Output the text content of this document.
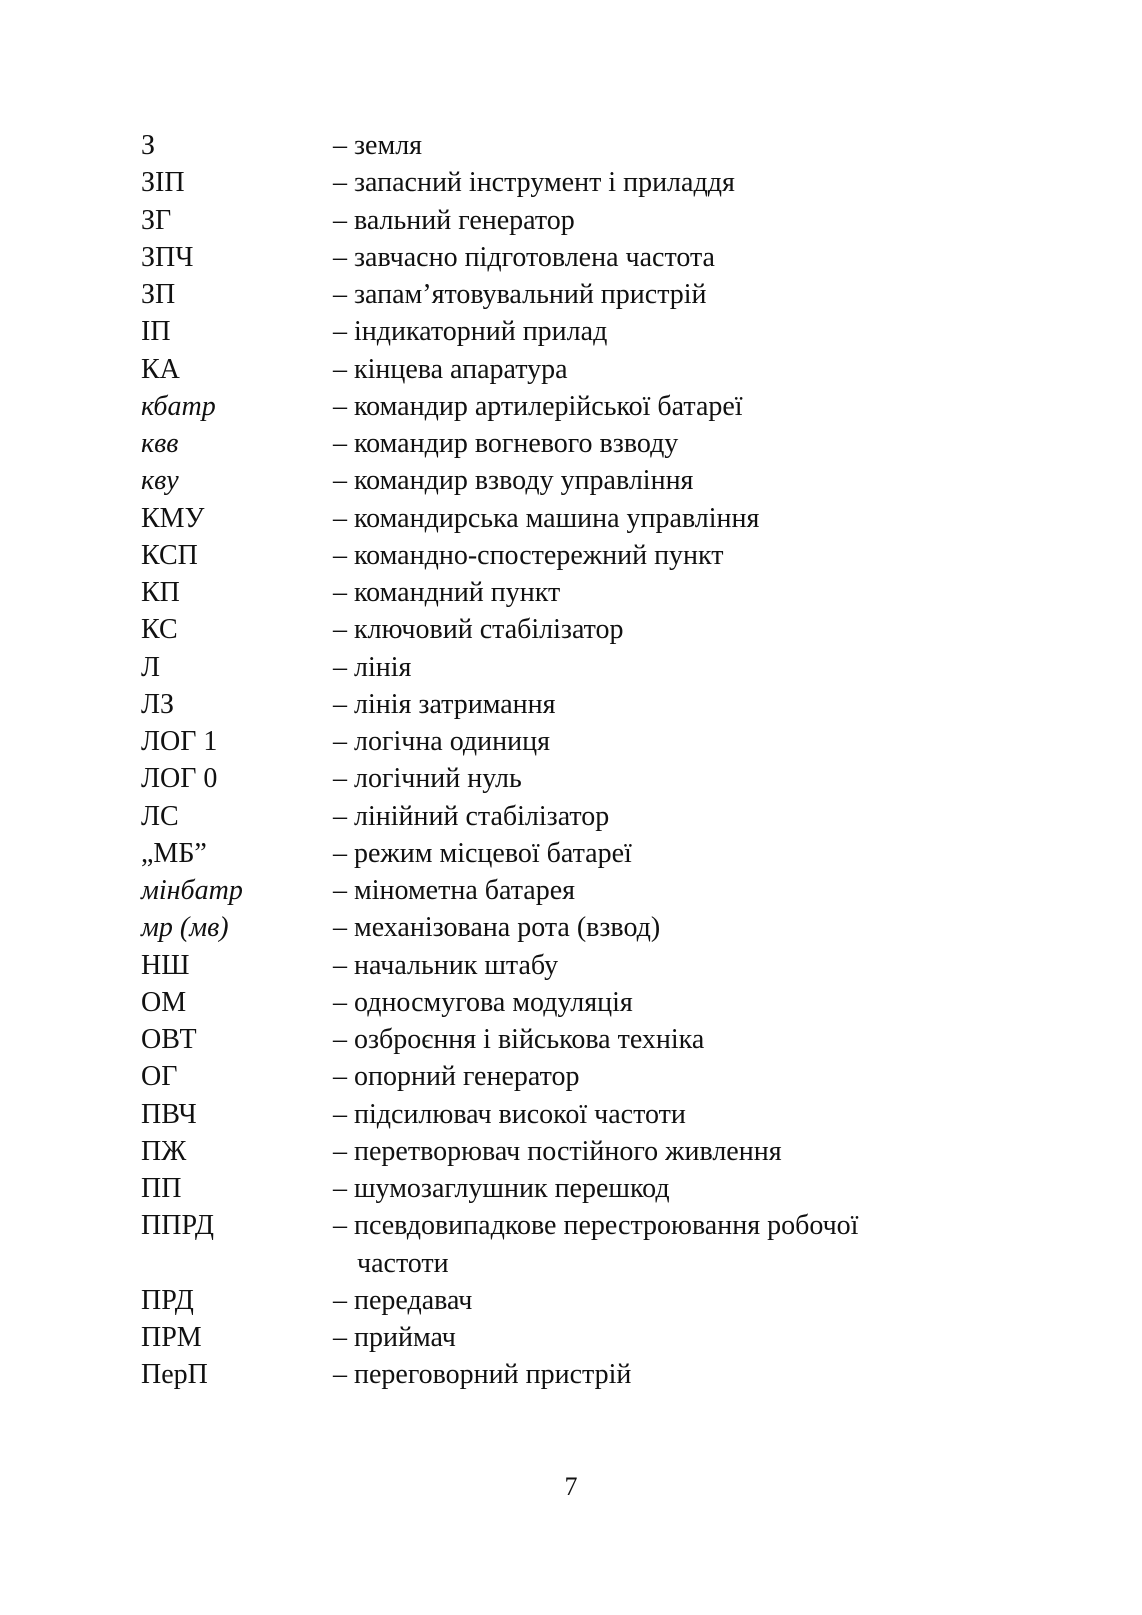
З	– земля
ЗІП	– запасний інструмент і приладдя
ЗГ	– вальний генератор
ЗПЧ	– завчасно підготовлена частота
ЗП	– запам’ятовувальний пристрій
ІП	– індикаторний прилад
КА	– кінцева апаратура
кбатр	– командир артилерійської батареї
квв	– командир вогневого взводу
кву	– командир взводу управління
КМУ	– командирська машина управління
КСП	– командно-спостережний пункт
КП	– командний пункт
КС	– ключовий стабілізатор
Л	– лінія
ЛЗ	– лінія затримання
ЛОГ 1	– логічна одиниця
ЛОГ 0	– логічний нуль
ЛС	– лінійний стабілізатор
„МБ”	– режим місцевої батареї
мінбатр	– мінометна батарея
мр (мв)	– механізована рота (взвод)
НШ	– начальник штабу
ОМ	– односмугова модуляція
ОВТ	– озброєння і військова техніка
ОГ	– опорний генератор
ПВЧ	– підсилювач високої частоти
ПЖ	– перетворювач постійного живлення
ПП	– шумозаглушник перешкод
ППРД	– псевдовипадкове перестроювання робочої
частоти
ПРД	– передавач
ПРМ	– приймач
ПерП	– переговорний пристрій
7
